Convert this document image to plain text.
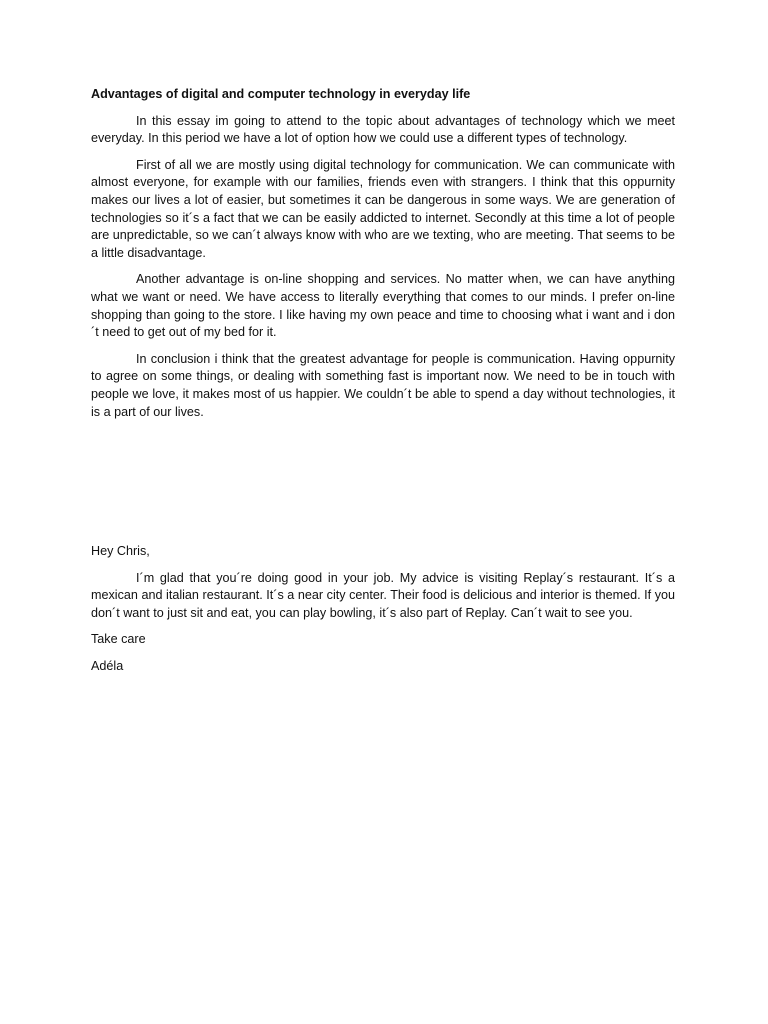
Advantages of digital and computer technology in everyday life

In this essay im going to attend to the topic about advantages of technology which we meet everyday. In this period we have a lot of option how we could use a different types of technology.

First of all we are mostly using digital technology for communication. We can communicate with almost everyone, for example with our families, friends even with strangers. I think that this oppurnity makes our lives a lot of easier, but sometimes it can be dangerous in some ways. We are generation of technologies so it´s a fact that we can be easily addicted to internet. Secondly at this time a lot of people are unpredictable, so we can´t always know with who are we texting, who are meeting. That seems to be a little disadvantage.

Another advantage is on-line shopping and services. No matter when, we can have anything what we want or need. We have access to literally everything that comes to our minds. I prefer on-line shopping than going to the store. I like having my own peace and time to choosing what i want and i don´t need to get out of my bed for it.

In conclusion i think that the greatest advantage for people is communication. Having oppurnity to agree on some things, or dealing with something fast is important now. We need to be in touch with people we love, it makes most of us happier. We couldn´t be able to spend a day without technologies, it is a part of our lives.

Hey Chris,

I´m glad that you´re doing good in your job. My advice is visiting Replay´s restaurant. It´s a mexican and italian restaurant. It´s a near city center. Their food is delicious and interior is themed. If you don´t want to just sit and eat, you can play bowling, it´s also part of Replay. Can´t wait to see you.

Take care

Adéla
